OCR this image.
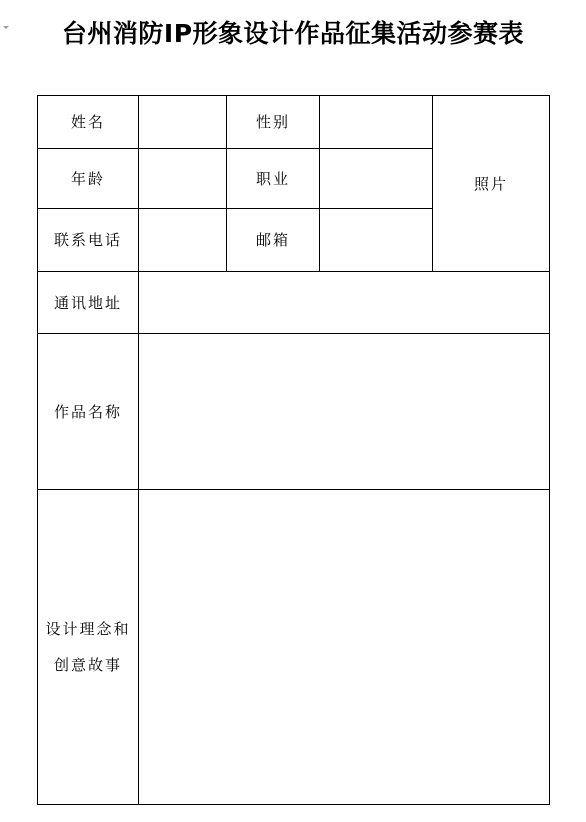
台州消防IP形象设计作品征集活动参赛表
姓名		性别		照片
年龄		职业		

联系电话		邮箱		

通讯地址				

作品名称				

设计理念和
创意故事				
